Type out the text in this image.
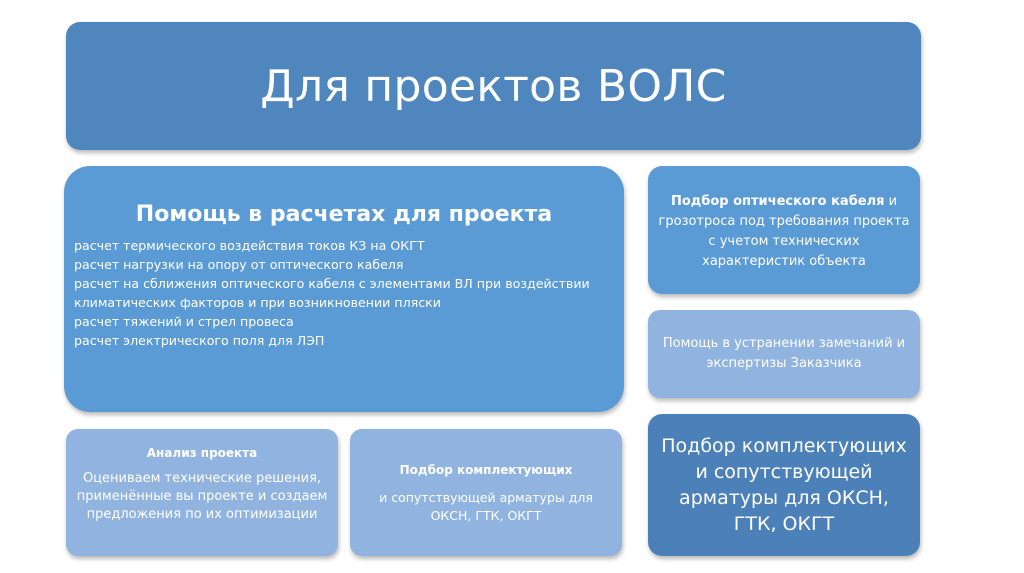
Для проектов ВОЛС
Помощь в расчетах для проекта
расчет термического воздействия токов КЗ на ОКГТ
расчет нагрузки на опору от оптического кабеля
расчет на сближения оптического кабеля с элементами ВЛ при воздействии климатических факторов и при возникновении пляски
расчет тяжений и стрел провеса
расчет электрического поля для ЛЭП
Подбор оптического кабеля и грозотроса под требования проекта с учетом технических характеристик объекта
Помощь в устранении замечаний и экспертизы Заказчика
Подбор комплектующих и сопутствующей арматуры для ОКСН, ГТК, ОКГТ
Анализ проекта
Оцениваем технические решения, применённые вы проекте и создаем предложения по их оптимизации
Подбор комплектующих
и сопутствующей арматуры для ОКСН, ГТК, ОКГТ
